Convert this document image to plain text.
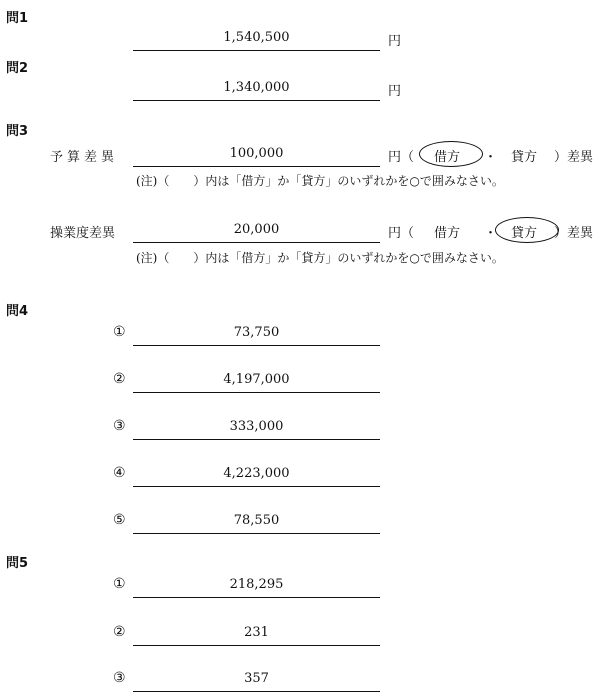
問1
1,540,500	円
問2
1,340,000	円
問3
予算差異	100,000	円（ 借方 ・ 貸方 ）差異
(注)（　　）内は「借方」か「貸方」のいずれかを○で囲みなさい。
操業度差異	20,000	円（ 借方 ・ 貸方 ）差異
(注)（　　）内は「借方」か「貸方」のいずれかを○で囲みなさい。
問4
①	73,750
②	4,197,000
③	333,000
④	4,223,000
⑤	78,550
問5
①	218,295
②	231
③	357
